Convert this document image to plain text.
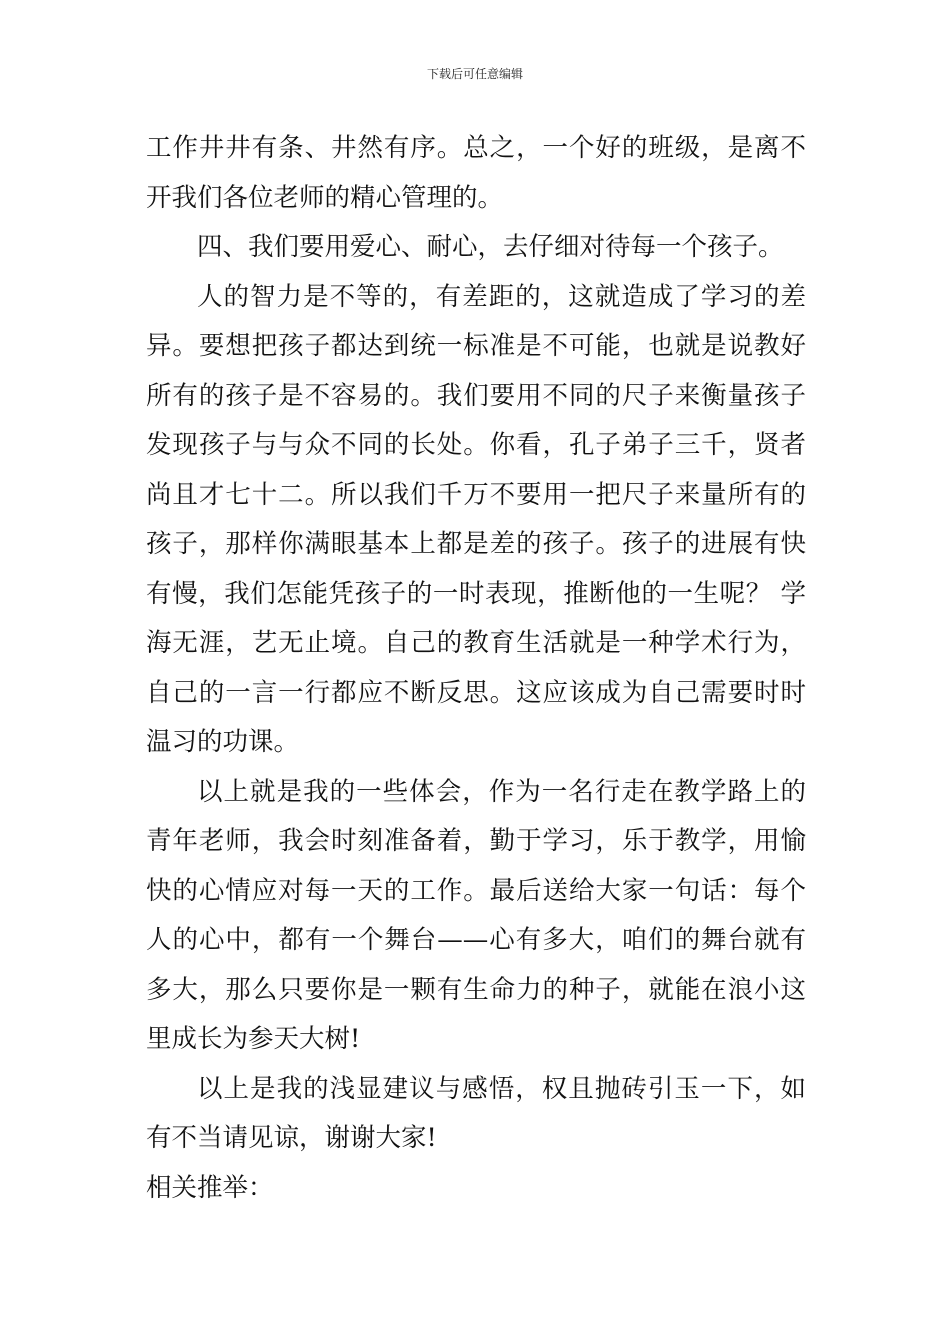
下载后可任意编辑

工作井井有条、井然有序。总之，一个好的班级，是离不开我们各位老师的精心管理的。

四、我们要用爱心、耐心，去仔细对待每一个孩子。

人的智力是不等的，有差距的，这就造成了学习的差异。要想把孩子都达到统一标准是不可能，也就是说教好所有的孩子是不容易的。我们要用不同的尺子来衡量孩子发现孩子与与众不同的长处。你看，孔子弟子三千，贤者尚且才七十二。所以我们千万不要用一把尺子来量所有的孩子，那样你满眼基本上都是差的孩子。孩子的进展有快有慢，我们怎能凭孩子的一时表现，推断他的一生呢？ 学海无涯，艺无止境。自己的教育生活就是一种学术行为，自己的一言一行都应不断反思。这应该成为自己需要时时温习的功课。

以上就是我的一些体会，作为一名行走在教学路上的青年老师，我会时刻准备着，勤于学习，乐于教学，用愉快的心情应对每一天的工作。最后送给大家一句话：每个人的心中，都有一个舞台——心有多大，咱们的舞台就有多大，那么只要你是一颗有生命力的种子，就能在浪小这里成长为参天大树!

以上是我的浅显建议与感悟，权且抛砖引玉一下，如有不当请见谅，谢谢大家!

相关推举：
